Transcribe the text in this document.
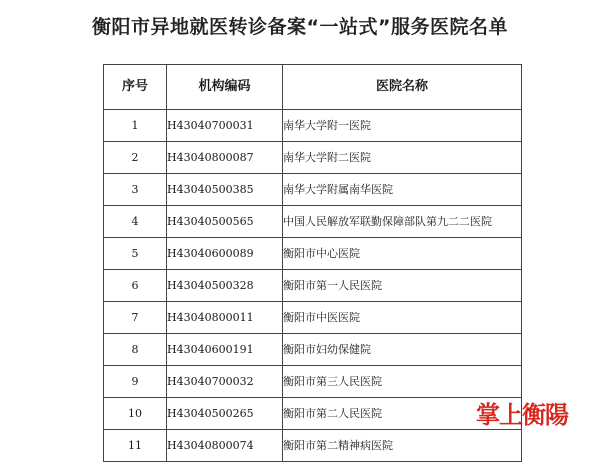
衡阳市异地就医转诊备案“一站式”服务医院名单
序号	机构编码	医院名称
1	H43040700031	南华大学附一医院
2	H43040800087	南华大学附二医院
3	H43040500385	南华大学附属南华医院
4	H43040500565	中国人民解放军联勤保障部队第九二二医院
5	H43040600089	衡阳市中心医院
6	H43040500328	衡阳市第一人民医院
7	H43040800011	衡阳市中医医院
8	H43040600191	衡阳市妇幼保健院
9	H43040700032	衡阳市第三人民医院
10	H43040500265	衡阳市第二人民医院
11	H43040800074	衡阳市第二精神病医院
掌上衡陽
